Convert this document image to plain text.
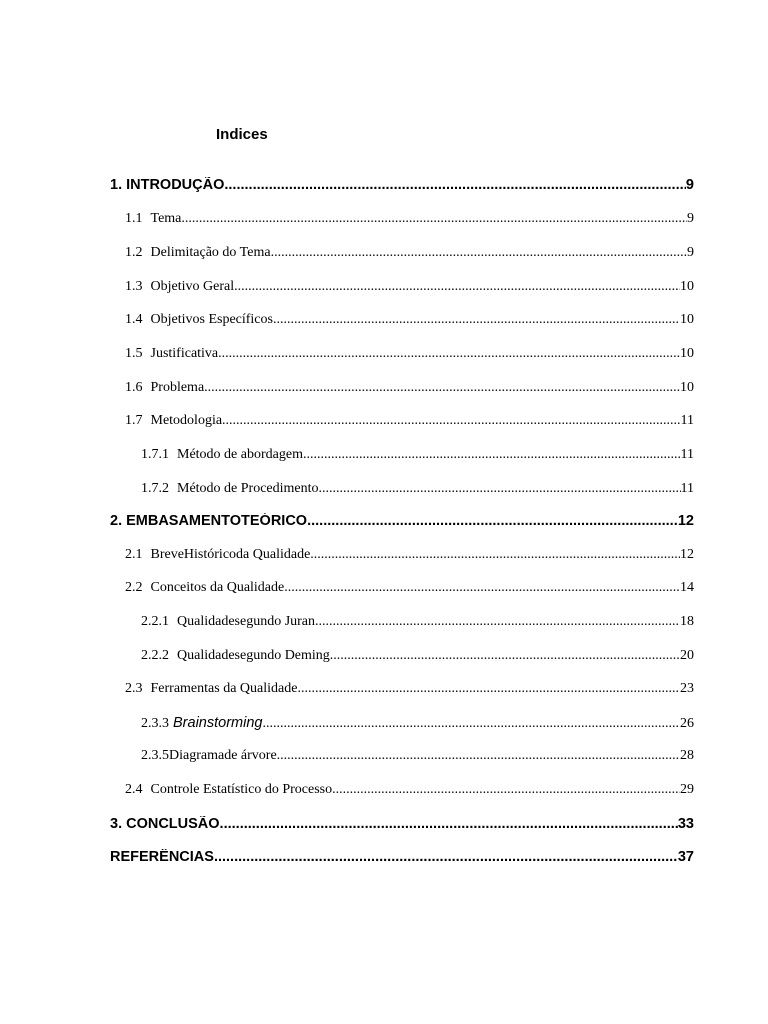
Indices
1. INTRODUÇÃO .....	9
1.1 Tema .....	9
1.2 Delimitação do Tema .....	9
1.3 Objetivo Geral .....	10
1.4 Objetivos Específicos .....	10
1.5 Justificativa .....	10
1.6 Problema .....	10
1.7 Metodologia .....	11
1.7.1 Método de abordagem .....	11
1.7.2 Método de Procedimento .....	11
2. EMBASAMENTOTEÓRICO .....	12
2.1 BreveHistóricoda Qualidade .....	12
2.2 Conceitos da Qualidade .....	14
2.2.1 Qualidadesegundo Juran .....	18
2.2.2 Qualidadesegundo Deming .....	20
2.3 Ferramentas da Qualidade .....	23
2.3.3 Brainstorming .....	26
2.3.5 Diagramade árvore .....	28
2.4 Controle Estatístico do Processo .....	29
3. CONCLUSÃO .....	33
REFERÊNCIAS .....	37
